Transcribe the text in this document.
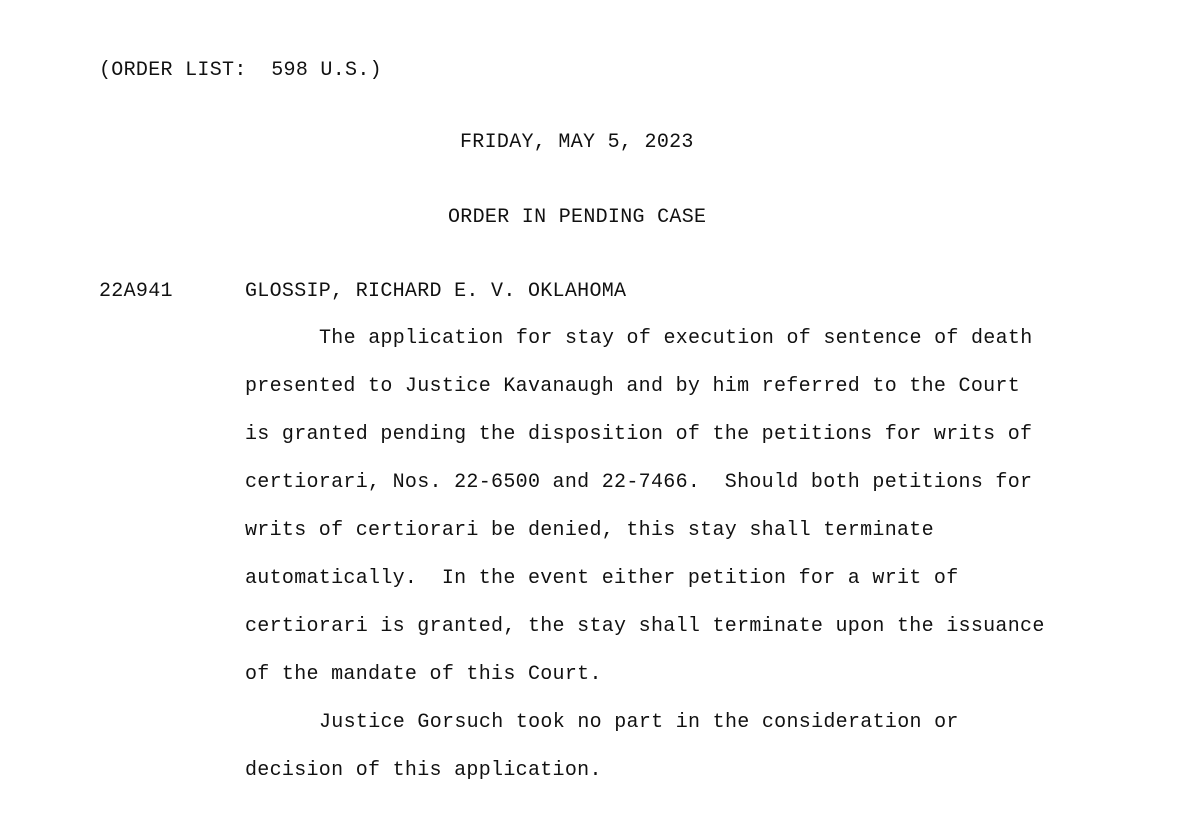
(ORDER LIST:  598 U.S.)
FRIDAY, MAY 5, 2023
ORDER IN PENDING CASE
22A941	GLOSSIP, RICHARD E. V. OKLAHOMA
The application for stay of execution of sentence of death
presented to Justice Kavanaugh and by him referred to the Court
is granted pending the disposition of the petitions for writs of
certiorari, Nos. 22-6500 and 22-7466.  Should both petitions for
writs of certiorari be denied, this stay shall terminate
automatically.  In the event either petition for a writ of
certiorari is granted, the stay shall terminate upon the issuance
of the mandate of this Court.
Justice Gorsuch took no part in the consideration or
decision of this application.
